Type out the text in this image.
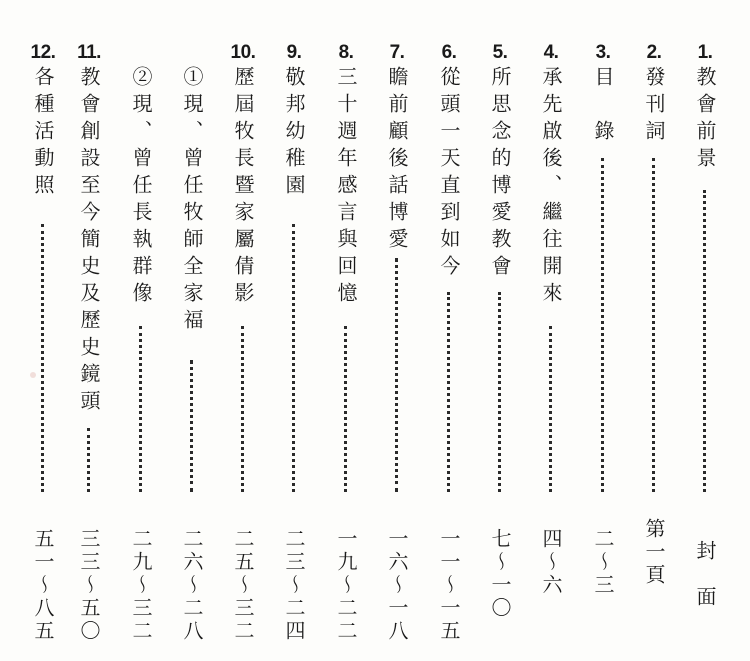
1.
教會前景
封　面
2.
發刊詞
第一頁
3.
目　錄
二〜三
4.
承先啟後、繼往開來
四〜六
5.
所思念的博愛教會
七〜一〇
6.
從頭一天直到如今
一一〜一五
7.
瞻前顧後話博愛
一六〜一八
8.
三十週年感言與回憶
一九〜二二
9.
敬邦幼稚園
二三〜二四
10.
歷屆牧長暨家屬倩影
二五〜三二
①現、曾任牧師全家福
二六〜二八
②現、曾任長執群像
二九〜三二
11.
教會創設至今簡史及歷史鏡頭
三三〜五〇
12.
各種活動照
五一〜八五
